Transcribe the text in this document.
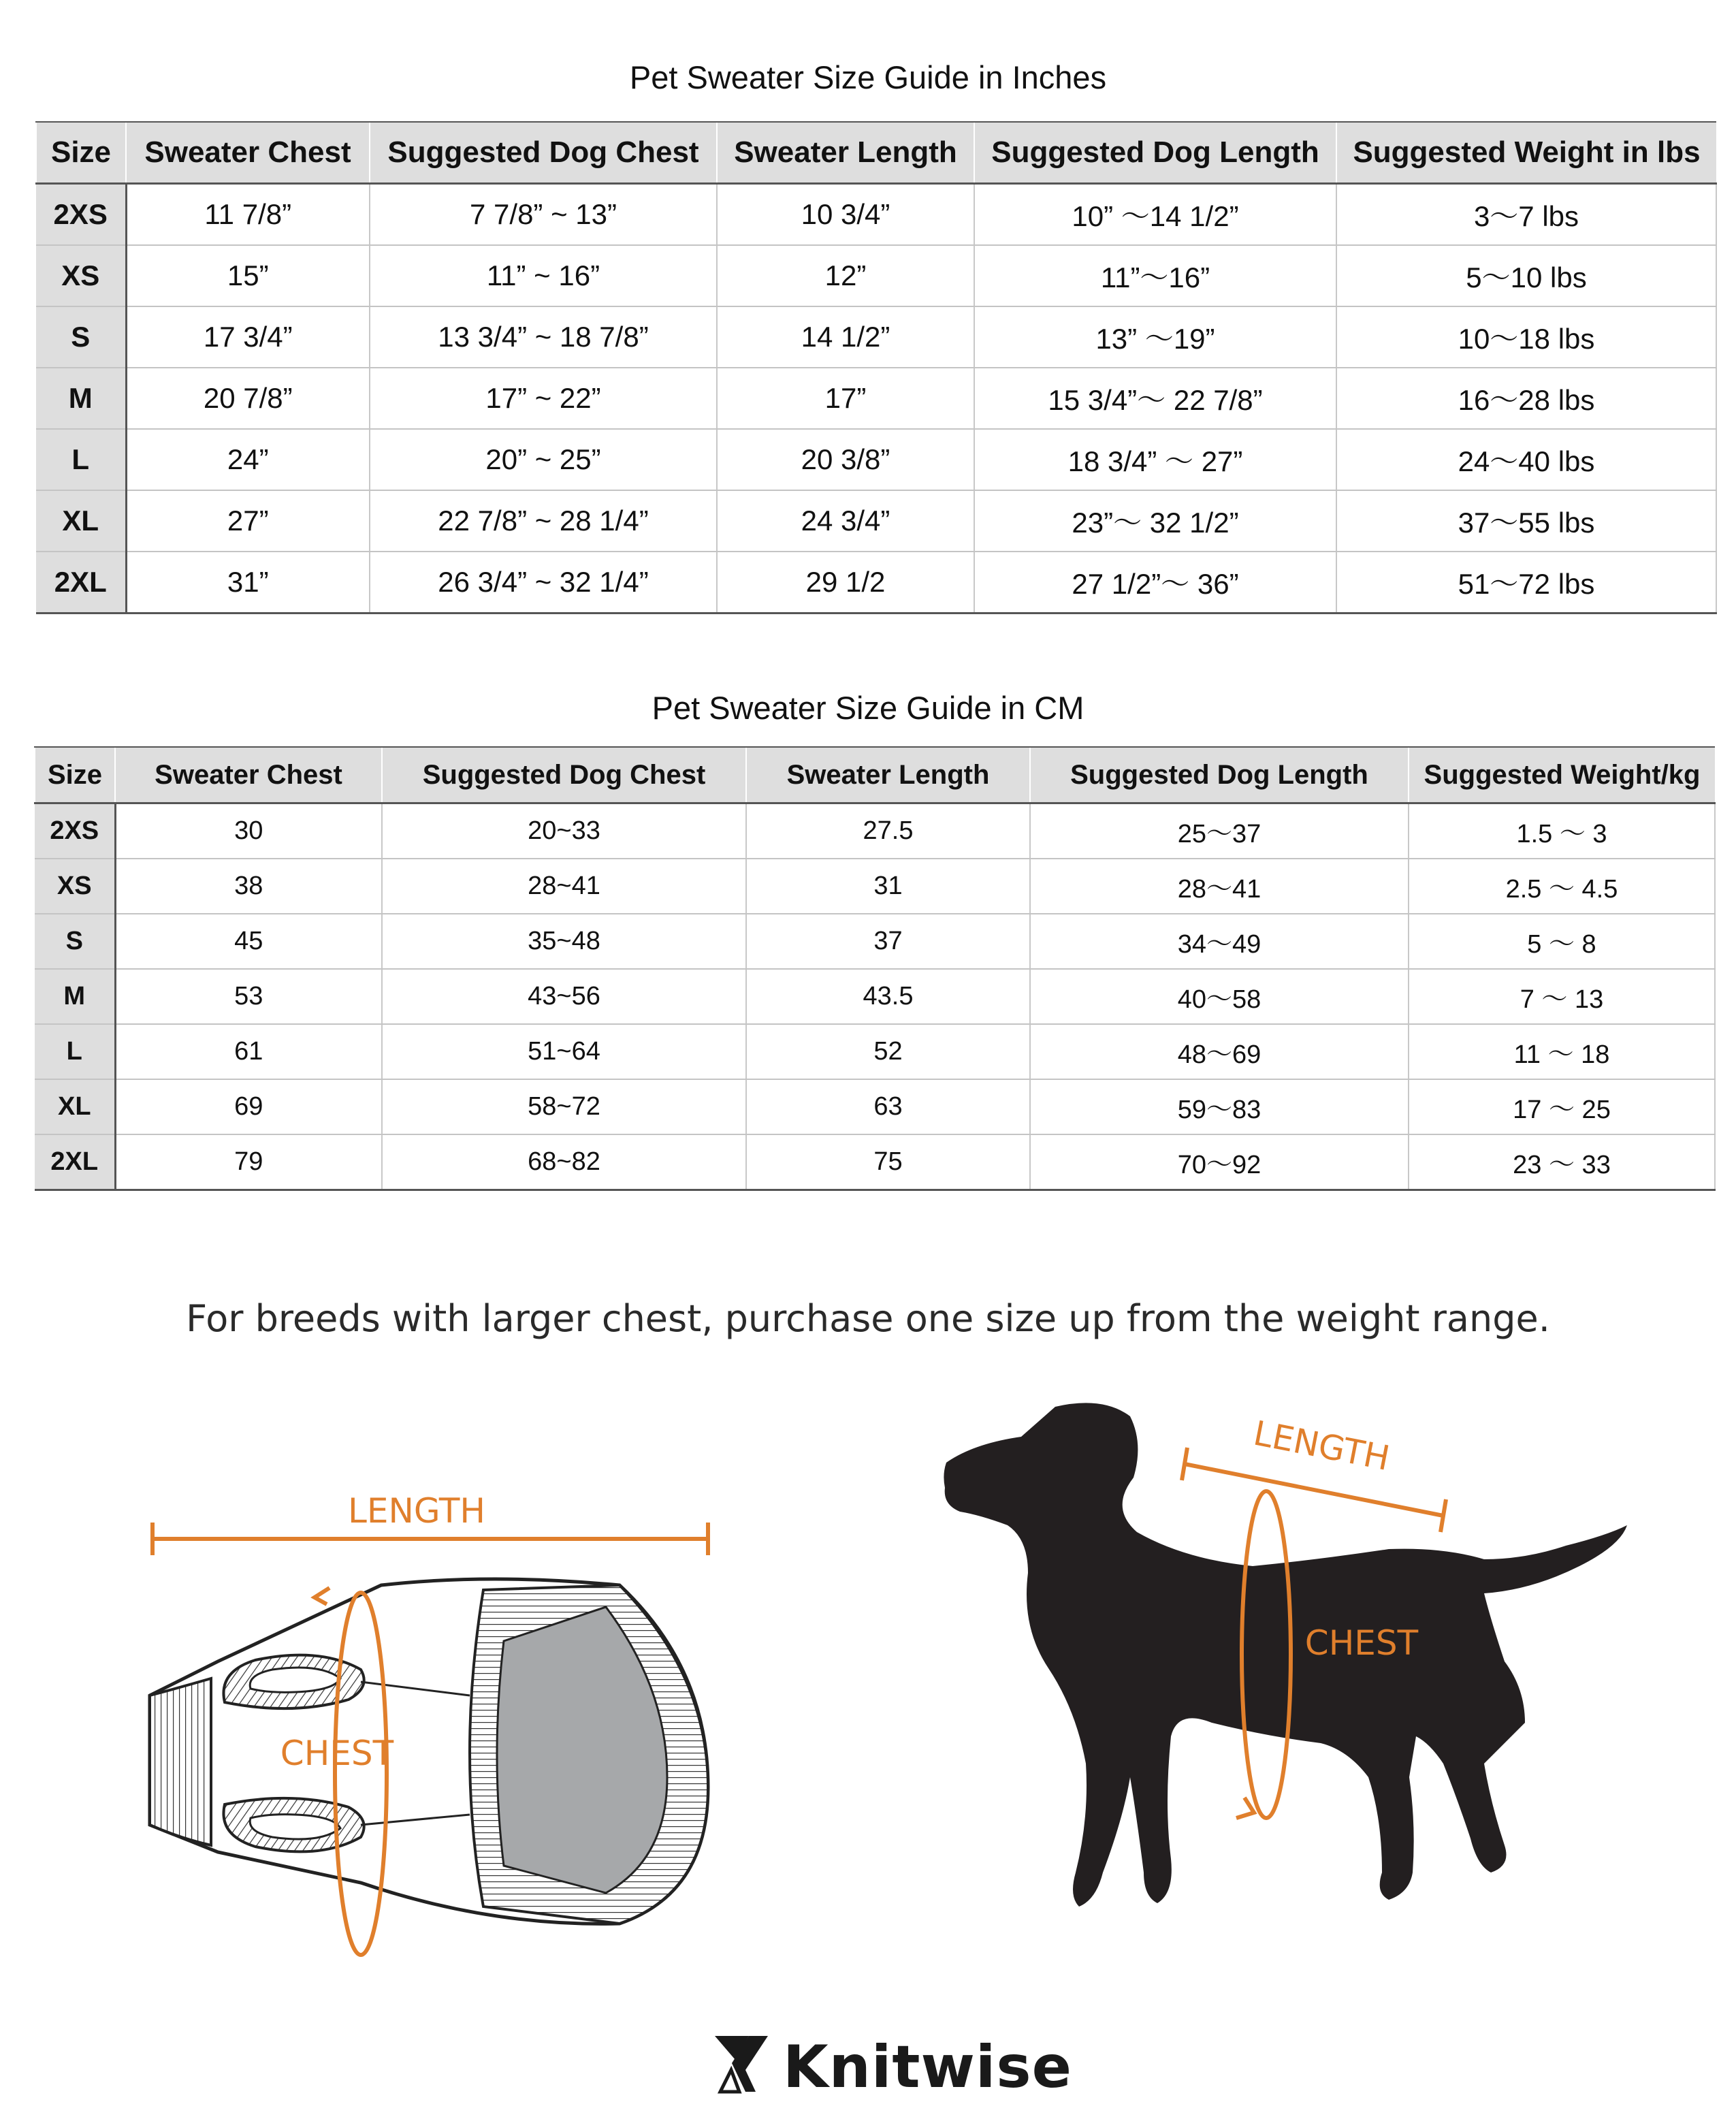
Pet Sweater Size Guide in Inches
Size	Sweater Chest	Suggested Dog Chest	Sweater Length	Suggested Dog Length	Suggested Weight in lbs
2XS	11 7/8”	7 7/8” ~ 13”	10 3/4”	10” ～14 1/2”	3～7 lbs
XS	15”	11” ~ 16”	12”	11”～16”	5～10 lbs
S	17 3/4”	13 3/4” ~ 18 7/8”	14 1/2”	13” ～19”	10～18 lbs
M	20 7/8”	17” ~ 22”	17”	15 3/4”～ 22 7/8”	16～28 lbs
L	24”	20” ~ 25”	20 3/8”	18 3/4” ～ 27”	24～40 lbs
XL	27”	22 7/8” ~ 28 1/4”	24 3/4”	23”～ 32 1/2”	37～55 lbs
2XL	31”	26 3/4” ~ 32 1/4”	29 1/2	27 1/2”～ 36”	51～72 lbs
Pet Sweater Size Guide in CM
Size	Sweater Chest	Suggested Dog Chest	Sweater Length	Suggested Dog Length	Suggested Weight/kg
2XS	30	20~33	27.5	25～37	1.5 ～ 3
XS	38	28~41	31	28～41	2.5 ～ 4.5
S	45	35~48	37	34～49	5 ～ 8
M	53	43~56	43.5	40～58	7 ～ 13
L	61	51~64	52	48～69	11 ～ 18
XL	69	58~72	63	59～83	17 ～ 25
2XL	79	68~82	75	70～92	23 ～ 33
For breeds with larger chest, purchase one size up from the weight range.
LENGTH
CHEST
LENGTH
CHEST
Knitwise
